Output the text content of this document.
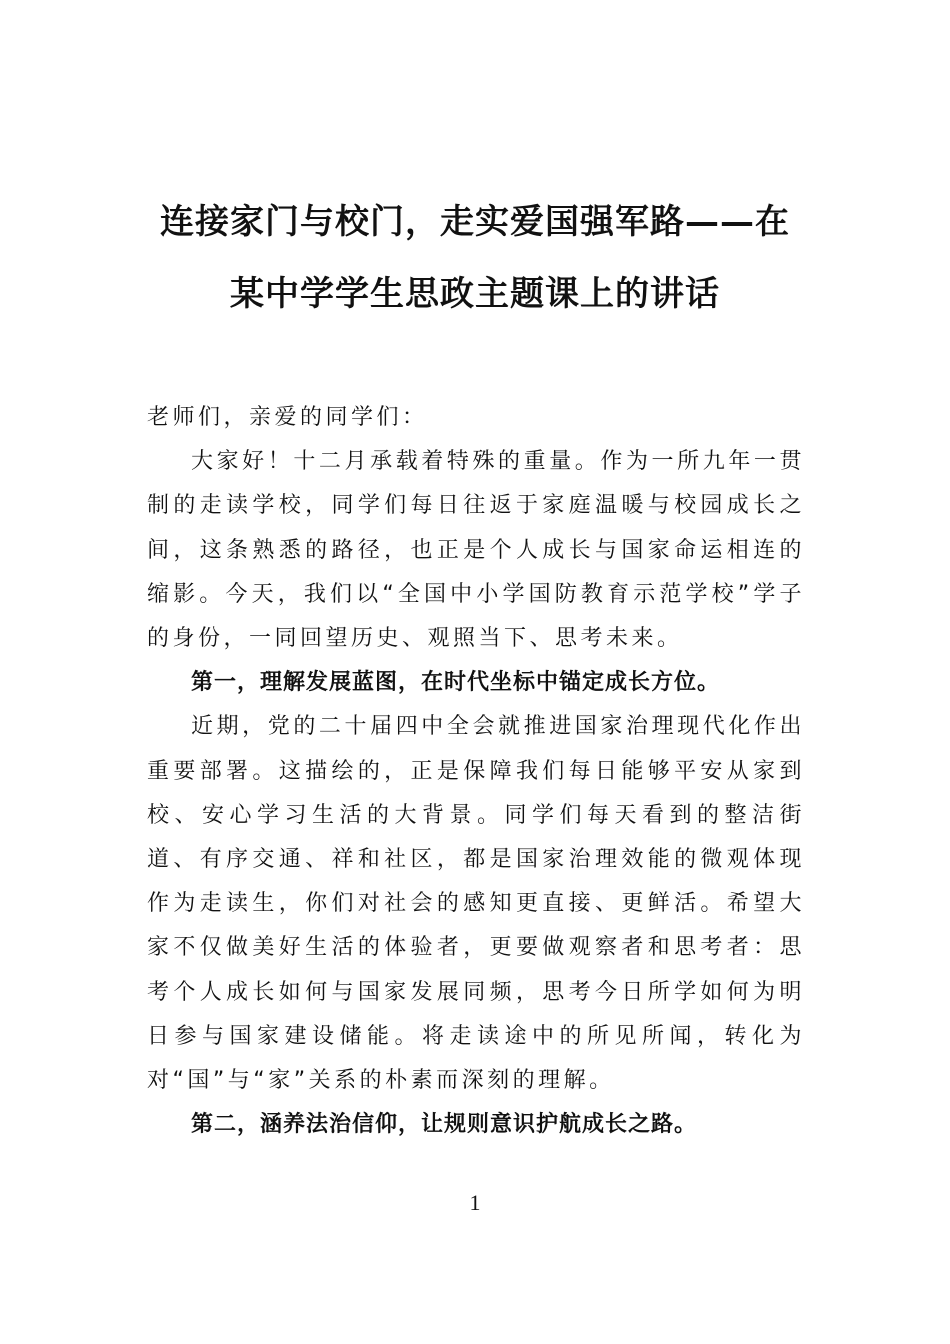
连接家门与校门，走实爱国强军路——在
某中学学生思政主题课上的讲话

老师们，亲爱的同学们：

大家好！十二月承载着特殊的重量。作为一所九年一贯制的走读学校，同学们每日往返于家庭温暖与校园成长之间，这条熟悉的路径，也正是个人成长与国家命运相连的缩影。今天，我们以“全国中小学国防教育示范学校”学子的身份，一同回望历史、观照当下、思考未来。

第一，理解发展蓝图，在时代坐标中锚定成长方位。

近期，党的二十届四中全会就推进国家治理现代化作出重要部署。这描绘的，正是保障我们每日能够平安从家到校、安心学习生活的大背景。同学们每天看到的整洁街道、有序交通、祥和社区，都是国家治理效能的微观体现作为走读生，你们对社会的感知更直接、更鲜活。希望大家不仅做美好生活的体验者，更要做观察者和思考者：思考个人成长如何与国家发展同频，思考今日所学如何为明日参与国家建设储能。将走读途中的所见所闻，转化为对“国”与“家”关系的朴素而深刻的理解。

第二，涵养法治信仰，让规则意识护航成长之路。

1
